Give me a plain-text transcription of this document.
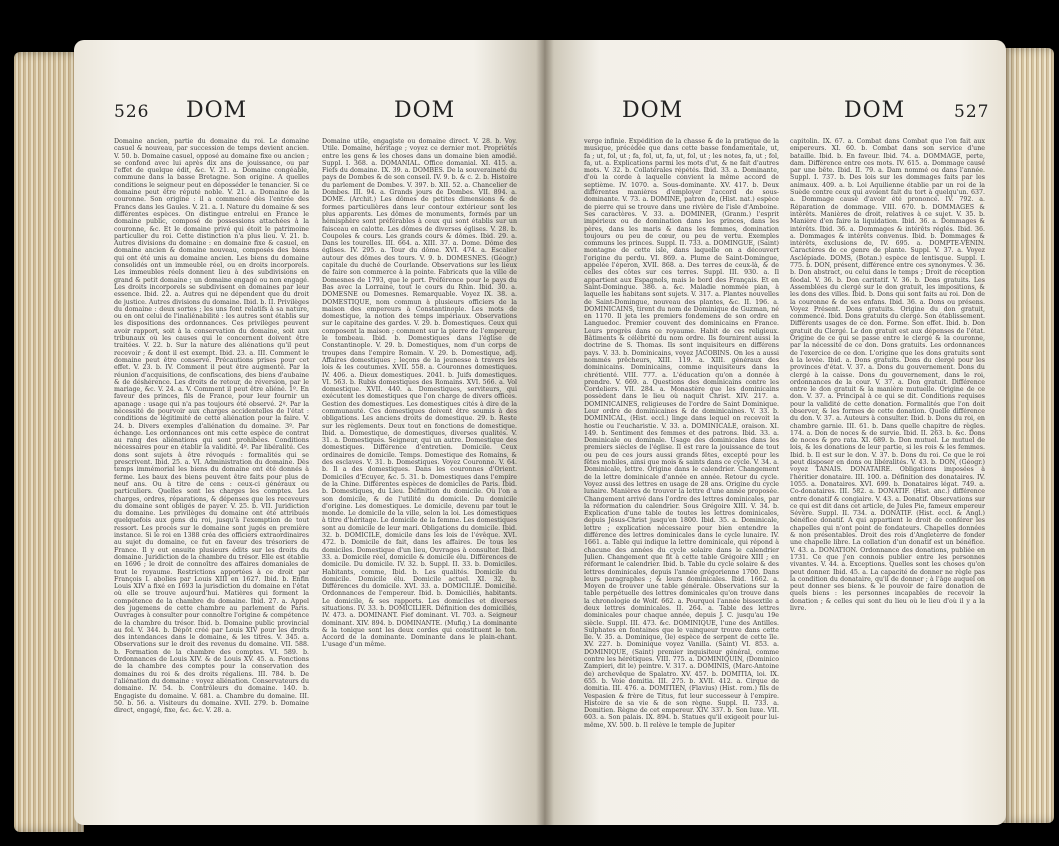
526 DOM	DOM

Domaine ancien, partie du domaine du roi. Le domaine casuel & nouveau, par succession de temps devient ancien. V. 50. b. Domaine casuel, opposé au domaine fixe ou ancien ; se confond avec lui après dix ans de jouissance, ou par l'effet de quelque édit, &c. V. 21. a. Domaine congéable, commune dans la basse Bretagne. Son origine. A quelles conditions le seigneur peut en déposséder le tenancier. Si ce domaine peut être réputé noble. V. 21. a. Domaine de la couronne. Son origine : il a commencé dès l'entrée des Francs dans les Gaules. V. 21. a. I. Nature du domaine & ses différentes espèces. On distingue entrelui en France le domaine public, composé de possessions attachées à la couronne, &c. Et le domaine privé qui étoit le patrimoine particulier du roi. Cette distinction n'a plus lieu. V. 21. b. Autres divisions du domaine : en domaine fixe & casuel, en domaine ancien & domaine nouveau, composés des biens qui ont été unis au domaine ancien. Les biens du domaine consolidés ont un immeuble réel, ou en droits incorporels. Les immeubles réels donnent lieu à des subdivisions en grand & petit domaine ; un domaine engagé ou non engagé. Les droits incorporels se subdivisent en domaines par leur essence. Ibid. 22. a. Autres qui ne dépendent que du droit de justice. Autres divisions du domaine. Ibid. b. II. Privilèges du domaine : deux sortes ; les uns font relatifs à sa nature, ou en ont celui de l'inaliénabilité : les autres sont établis sur les dispositions des ordonnances. Ces privilèges peuvent avoir rapport, soit à la conservation du domaine, soit aux tribunaux où les causes qui le concernent doivent être traitées. V. 22. b. Sur la nature des aliénations qu'il peut recevoir ; & dont il est exempt. Ibid. 23. a. III. Comment le domaine peut être conservé. Précautions prises pour cet effet. V. 23. b. IV. Comment il peut être augmenté. Par la réunion d'acquisitions, de confiscations, des biens d'aubaine & de déshérence. Les droits de retour, de réversion, par le mariage, &c. V. 24. a. V. Comment il peut être aliéné. 1º. En faveur des princes, fils de France, pour leur fournir un apanage : usage qui n'a pas toujours été observé. 2º. Par la nécessité de pourvoir aux charges accidentelles de l'état : conditions de légitimité de cette aliénation pour la faire. V. 24. b. Divers exemples d'aliénation du domaine. 3º. Par échange. Les ordonnances ont mis cette espèce de contrat au rang des aliénations qui sont prohibées. Conditions nécessaires pour en établir la validité. 4º. Par libéralité. Ces dons sont sujets à être révoqués : formalités qui se prescrivent. Ibid. 25. a. VI. Administration du domaine. Dès temps immémorial les biens du domaine ont été donnés à ferme. Les baux des biens peuvent être faits pour plus de neuf ans. Ou à titre de cens : ceux-ci généraux ou particuliers. Quelles sont les charges les comptes. Les charges, ordres, réparations, & dépenses que les receveurs du domaine sont obligés de payer. V. 25. b. VII. Juridiction du domaine. Les privilèges du domaine ont été attribués quelquefois aux gens du roi, jusqu'à l'exemption de tout ressort. Les procès sur le domaine sont jugés en première instance. Si le roi en 1388 créa des officiers extraordinaires au sujet du domaine, ce fut en faveur des trésoriers de France. Il y eut ensuite plusieurs édits sur les droits du domaine. Juridiction de la chambre du trésor. Elle est établie en 1696 ; le droit de connoître des affaires domaniales de tout le royaume. Restrictions apportées à ce droit par François I. abolies par Louis XIII en 1627. Ibid. b. Enfin Louis XIV a fixé en 1693 la jurisdiction du domaine en l'état où elle se trouve aujourd'hui. Matières qui forment la compétence de la chambre du domaine. Ibid. 27. a. Appel des jugemens de cette chambre au parlement de Paris. Ouvrages à consulter pour connoître l'origine & compétence de la chambre du trésor. Ibid. b. Domaine public provincial au fol. V. 344. b. Dépôt créé par Louis XIV pour les droits des intendances dans le domaine, & les titres. V. 345. a. Observations sur le droit des revenus du domaine. VII. 588. b. Formation de la chambre des comptes. VI. 589. b. Ordonnances de Louis XIV. & de Louis XV. 45. a. Fonctions de la chambre des comptes pour la conservation des domaines du roi & des droits régaliens. III. 784. b. De l'aliénation du domaine : voyez aliénation. Conservateurs du domaine. IV. 54. b. Contrôleurs du domaine. 140. b. Engagiste du domaine. V. 681. a. Chambre du domaine. III. 50. b. 56. a. Visiteurs du domaine. XVII. 279. b. Domaine direct, engagé, fixe, &c. &c. V. 28. a.

Domaine utile, engagiste ou domaine direct. V. 28. b. Voy. Utile. Domaine, héritage ; voyez ce dernier mot. Propriétés entre les gens & les choses dans un domaine bien amodié. Suppl. I. 368. a. DOMANIAL. Office domanial. XI. 415. a. Fiefs du domaine. IX. 39. a. DOMBES. De la souveraineté du pays de Dombes & de son conseil. IV. 9. b. & c. 2. b. Histoire du parlement de Dombes. V. 397. b. XII. 52. a. Chancelier de Dombes. III. 94. a. Grands jours de Dombes. VII. 894. a. DOME. (Archit.) Les dômes de petites dimensions & de formes particulières dans leur contour extérieur sont les plus apparents. Les dômes de monuments, formés par un hémisphère sont préférables à ceux qui sont établis sur un faisceau en calotte. Les dômes de diverses églises. V. 28. b. Coupoles & cours. Les grands cours & dômes. Ibid. 29. a. Dans les tourelles. III. 664. a. XIII. 37. a. Dome. Dôme des églises. IV. 295. a. Tour du dôme. XVI. 474. a. Escalier autour des dômes des tours. V. 9. b. DOMESNES. (Géogr.) capitale du duché de Courlande. Observations sur les lieux de faire son commerce à la pointe. Fabricats que la ville de Domesnes de 1793, que le port. Préférence pour le pays du Bas avec la Lorraine, tout le cours du Rhin. Ibid. 30. a. DOMESNE ou Domesnes. Remarquable. Voyez IX. 38. a. DOMESTIQUE, nom commun à plusieurs officiers de la maison des empereurs à Constantinople. Les mots de domestique, la notion des temps impériaux. Observations sur le capitaine des gardes. V. 29. b. Domestiques. Ceux qui composent la maison ; comment sur la pierre de l'empereur, le tombeau. Ibid. b. Domestiques dans l'église de Constantinople. V. 29. b. Domestiques, nom d'un corps de troupes dans l'empire Romain. V. 29. b. Domestique, adj. Affaires domestiques ; leçons de la jeunesse à travers les lois & les coutumes. XVII. 558. a. Couronnes domestiques. IV. 406. a. Dieux domestiques. 2041. b. Juifs domestiques. VI. 563. b. Rubis domestiques des Romains. XVI. 566. a. Vol domestique. XVII. 440. a. Domestiques, serviteurs, qui exécutent les domestiques que l'on charge de divers offices. Gestion des domestiques. Les domestiques cités à dire de la communauté. Ces domestiques doivent être soumis à des obligations. Les anciens droits de domestique. 29. b. Reste sur les règlements. Deux tout en fonctions de domestique. Ibid. a. Domestique, de domestiques, diverses qualités. V. 31. a. Domestiques. Seigneur, qui un autre. Domestique des domestiques. Différence d'entretien. Domicile. Ceux ordinaires de domicile. Temps. Domestique des Romains, & des esclaves. V. 31. b. Domestiques. Voyez Couronne. V. 64. b. Il a des domestiques. Dans les couronnes d'Orient. Domiciles d'Ecuyer, &c. 5. 31. b. Domestiques dans l'empire de la Chine. Différentes espèces de domiciles de Paris. Ibid. b. Domestiques, du Lieu. Définition du domicile. Où l'on a son domicile, & de l'utilité du domicile. Du domicile d'origine. Les domestiques. Le domicile, devenu par tout le monde. Le domicile de la ville, selon la loi. Les domestiques à titre d'héritage. Le domicile de la femme. Les domestiques sont au domicile de leur mari. Obligations du domicile. Ibid. 32. b. DOMICILE, domicile dans les lois de l'évêque. XVI. 472. b. Domicile de fait, dans les affaires. De tous les domiciles. Domestique d'un lieu, Ouvrages à consulter. Ibid. 33. a. Domicile réel, domicile & domicile élu. Différences de domicile. Du domicile. IV. 32. b. Suppl. II. 33. b. Domiciles. Habitants, comme, Ibid. b. Les qualités. Domicile du domicile. Domicile élu. Domicile actuel. XI. 32. b. Différences du domicile. XVI. 33. a. DOMICILIÉ. Domicilié. Ordonnances de l'empereur. Ibid. b. Domiciliés, habitants. Le domicile, & ses rapports. Les domiciles et diverses situations. IV. 33. b. DOMICILIER. Définition des domiciliés, IV. 473. a. DOMINANT. Fief dominant. VI. 703. a. Seigneur dominant. XIV. 894. b. DOMINANTE. (Mufiq.) La dominante & la tonique sont les deux cordes qui constituent le ton. Accord de la dominante. Dominante dans le plain-chant. L'usage d'un même.

DOM	DOM	527

verge infinie. Expédition de la chasse & de la pratique de la musique, précédée que dans cette basse fondamentale, ut, fa ; ut, fol, ut ; fa, fol, ut, fa, ut, fol, ut ; les notes, fa, ut ; fol, fa, ut. a. Explications parmi les mots d'ut, & ne fait d'autres mots. V. 32. b. Collatérales répétés. Ibid. 33. a. Dominante, d'où la corde à laquelle convient la même accord de septième. IV. 1070. a. Sous-dominante. XV. 417. b. Deux différentes manières d'employer l'accord de sous-dominante. V. 73. a. DOMINE, patron de, (Hist. nat.) espèce de pierre qui se trouve dans une rivière de l'isle d'Amboine. Ses caractères. V. 33. a. DOMINER, (Granm.) l'esprit impérieux ou de domination dans les princes, dans les pères, dans les maris & dans les femmes, domination toujours ou peu de cœur, ou peu de vertu. Exemples communs les princes. Suppl. II. 733. a. DOMINGUE, (Saint) montagne de cette isle, dans laquelle on a découvert l'origine du perdu. VI. 869. a. Plume de Saint-Domingue, appelée l'éperon, XVII. 868. a. Des terres de ceux-là, & de celles des côtes sur ces terres. Suppl. III. 930. a. Il appartient aux Espagnols, mais le bord des Français. Et en Saint-Domingue. 386. a. &c. Maladie nommée pian, à laquelle les habitans sont sujets. V. 317. a. Plantes nouvelles de Saint-Domingue, nouveau des plantes, &c. II. 196. a. DOMINICAINS, tirent du nom de Dominique de Guzman, né en 1170. Il jeta les premiers fondemens de son ordre en Languedoc. Premier couvent des dominicains en France. Leurs progrès dans ce royaume. Habit de ces religieux. Bâtiments & célébrité du nom ordre. Ils fournirent aussi la doctrine de S. Thomas. Ils sont inquisiteurs en différens pays. V. 33. b. Dominicains, voyez JACOBINS. On les a aussi nommés prêcheurs, XIII. 119. a. XIII. généraux des dominicains. Dominicains, comme inquisiteurs dans la chrétienté. VIII. 777. a. L'éducation qu'on a donnée à prendre. V. 669. a. Questions des dominicains contre les Cordeliers. VII. 284. a. Monastère que les dominicains possèdent dans le lieu où naquit Christ. XIV. 217. a. DOMINICAINES, religieuses de l'ordre de Saint Dominique. Leur ordre de dominicaines & de dominicaines. V. 33. b. DOMINICAL, (Hist. eccl.) linge dans lequel on recevoit la hostie ou l'eucharistie. V. 33. a. DOMINICALE, oraison. XI. 149. b. Sentiment des femmes et des patrons. Ibid. 33. a. Dominicale ou dominale. Usage des dominicales dans les premiers siècles de l'église. Il est rare la jouissance de tout ou peu de ces jours aussi grands fêtes, excepté pour les fêtes mobiles, ainsi que mois & saints dans ce cycle. V. 34. a. Dominicale, lettre. Origine dans le calendrier. Changement de la lettre dominicale d'année en année. Retour du cycle. Voyez aussi des lettres en usage de 28 ans. Origine du cycle lunaire. Manières de trouver la lettre d'une année proposée. Changement arrivé dans l'ordre des lettres dominicales, par la réformation du calendrier. Sous Grégoire XIII. V. 34. b. Explication d'une table de toutes les lettres dominicales, depuis Jésus-Christ jusqu'en 1800. Ibid. 35. a. Dominicale, lettre ; explication nécessaire pour bien entendre la différence des lettres dominicales dans le cycle lunaire. IV. 1661. a. Table qui indique la lettre dominicale, qui répond à chacune des années du cycle solaire dans le calendrier Julien. Changement que fit à cette table Grégoire XIII ; en réformant le calendrier. Ibid. b. Table du cycle solaire & des lettres dominicales, depuis l'année grégorienne 1700. Dans leurs paragraphes ; & leurs dominicales. Ibid. 1662. a. Moyen de trouver une table générale. Observations sur la table perpétuelle des lettres dominicales qu'on trouve dans la chronologie de Wolf. 662. a. Pourquoi l'année bissextile a deux lettres dominicales. II. 264. a. Table des lettres dominicales pour chaque année, depuis J. C. jusqu'au 19e siècle. Suppl. III. 473. &c. DOMINIQUE, l'une des Antilles. Sulphates en fontaines que le vainqueur trouve dans cette île. V. 35. a. Dominique, (le) espèce de serpent de cette île. XV. 227. b. Dominique voyez Vanilla. (Saint) VI. 853. a. DOMINIQUE, (Saint) premier inquisiteur général, comme contre les hérétiques. VIII. 775. a. DOMINIQUIN, (Dominico Zampieri, dit le) peintre. V. 317. a. DOMINIS, (Marc-Antoine de) archevêque de Spalatro. XV. 457. b. DOMITIA, loi. IX. 655. b. Voie domitia. III. 275. b. XVII. 412. a. Cirque de domitia. III. 476. a. DOMITIEN, (Flavius) (Hist. rom.) fils de Vespasien & frère de Titus, fut leur successeur à l'empire. Histoire de sa vie & de son règne. Suppl. II. 733. a. Domitien. Règne de cet empereur. XIV. 337. b. Son luxe. VII. 603. a. Son palais. IX. 894. b. Statues qu'il exigeoit pour lui-même, XV. 500. b. Il relève le temple de Jupiter

capitolin. IX. 67. a. Combat dans Combat que l'on fait aux empereurs. XI. 60. b. Combat dans son service d'une bataille. Ibid. b. En faveur. Ibid. 74. a. DOMMAGE, perte, dam. Différence entre ces mots. IV. 615. a. Dommage causé par une bête. Ibid. II. 79. a. Dam nommé ou dans l'année. Suppl. I. 737. b. Des lois sur les dommages faits par les animaux. 409. a. b. Loi Aquilienne établie par un roi de la Suède contre ceux qui avoient fait du tort à quelqu'un. 637. a. Dommage causé d'avoir été prononcé. IV. 792. a. Réparation de dommage. VIII. 670. b. DOMMAGES & intérêts. Manières de droit, relatives à ce sujet. V. 35. b. Manière d'en faire la liquidation. Ibid. 36. a. Dommages & intérêts. Ibid. 36. a. Dommages & intérêts réglés. Ibid. 36. a. Dommages & intérêts convenus. Ibid. b. Dommages & intérêts, exclusions de, IV. 695. a. DOMPTE-VENIN. Caractères de ce genre de plante. Suppl. V. 37. a. Voyez Asclépiade. DOMS, (Botan.) espèce de lentisque. Suppl. I. 775. b. DON, présent, différence entre ces synonymes. V. 36. b. Don abstract, ou celui dans le temps ; Droit de réception féodal. V. 36. b. Don caritatif. V. 36. b. Dons gratuits. Les Assemblées du clergé sur le don gratuit, les impositions, & les dons des villes. Ibid. b. Dons qui sont faits au roi. Don de la couronne & de ses enfans. Ibid. 36. a. Dons ou présens. Voyez Présent. Dons gratuits. Origine du don gratuit, commencé. Ibid. Dons gratuits du clergé. Son établissement. Différents usages de ce don. Forme. Son effet. Ibid. b. Don gratuit du Clergé. Le don gratuit est aux dépenses de l'état. Origine de ce qui se passe entre le clergé & la couronne, par la nécessité de ce don. Dons gratuits. Les ordonnances de l'exercice de ce don. L'origine que les dons gratuits sont à la levée. Ibid. a. Dons gratuits. Dons du clergé pour les provinces d'état. V. 37. a. Dons du gouvernement. Dons du clergé à la caisse. Dons du gouvernement, dans le roi, ordonnances de la cour. V. 37. a. Don gratuit. Différence entre le don gratuit & la manière mutuelle. Origine de ce don. V. 37. a. Principal à ce qui se dit. Conditions requises pour la validité de cette donation. Formalités que l'on doit observer, & les formes de cette donation. Quelle différence du don. V. 37. a. Auteurs à consulter. Ibid. b. Dons du roi, en chambre garnie. III. 61. b. Dans quelle chapitre de règles. 174. a. Don de noces & de survie. Ibid. II. 263. b. &c. Dons de noces & pro rata. XI. 689. b. Don mutuel. Le mutuel de lois, & les donations de leur partie, si les rois & les femmes. Ibid. b. Il est sur le don. V. 37. b. Dons du roi. Ce que le roi peut disposer en dons ou libéralités. V. 43. b. DON, (Géogr.) voyez TANAIS. DONATAIRE. Obligations imposées à l'héritier donataire. III. 100. a. Définition des donataires. IV. 1055. a. Donataires. XVI. 699. b. Donataires légat. 749. a. Co-donataires. III. 582. a. DONATIF. (Hist. anc.) différence entre donatif & congiaire. V. 43. a. Donatif. Observations sur ce qui est dit dans cet article, de Jules Pie, fameux empereur Sévère. Suppl. II. 734. a. DONATIF. (Hist. eccl. & Angl.) bénéfice donatif. A qui appartient le droit de conférer les chapelles qui n'ont point de fondateurs. Chapelles données & non présentables. Droit des rois d'Angleterre de fonder une chapelle libre. La collation d'un donatif est un bénéfice. V. 43. a. DONATION. Ordonnance des donations, publiée en 1731. Ce que j'en connois publier entre les personnes vivantes. V. 44. a. Exceptions. Quelles sont les choses qu'on peut donner. Ibid. 45. a. La capacité de donner ne règle pas la condition du donataire, qu'il de donner ; à l'âge auquel on peut donner ses biens. & le pouvoir de faire donation de quels biens : les personnes incapables de recevoir la donation ; & celles qui sont du lieu où le lieu d'où il y a la livre.
